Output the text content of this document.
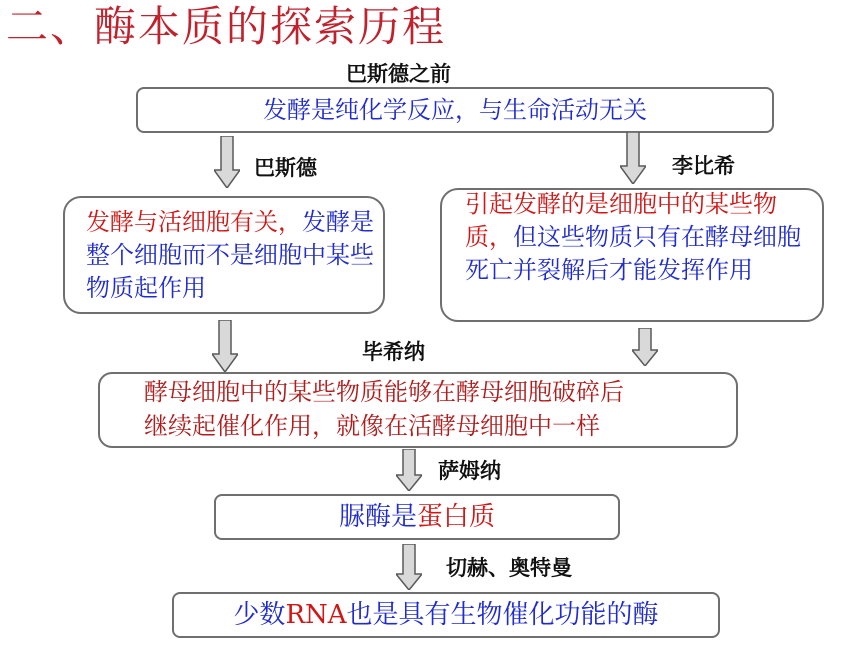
二、酶本质的探索历程
巴斯德之前
发酵是纯化学反应，与生命活动无关
巴斯德	李比希
发酵与活细胞有关，发酵是整个细胞而不是细胞中某些物质起作用
引起发酵的是细胞中的某些物质，但这些物质只有在酵母细胞死亡并裂解后才能发挥作用
毕希纳
酵母细胞中的某些物质能够在酵母细胞破碎后
继续起催化作用，就像在活酵母细胞中一样
萨姆纳
脲酶是蛋白质
切赫、奥特曼
少数RNA也是具有生物催化功能的酶
